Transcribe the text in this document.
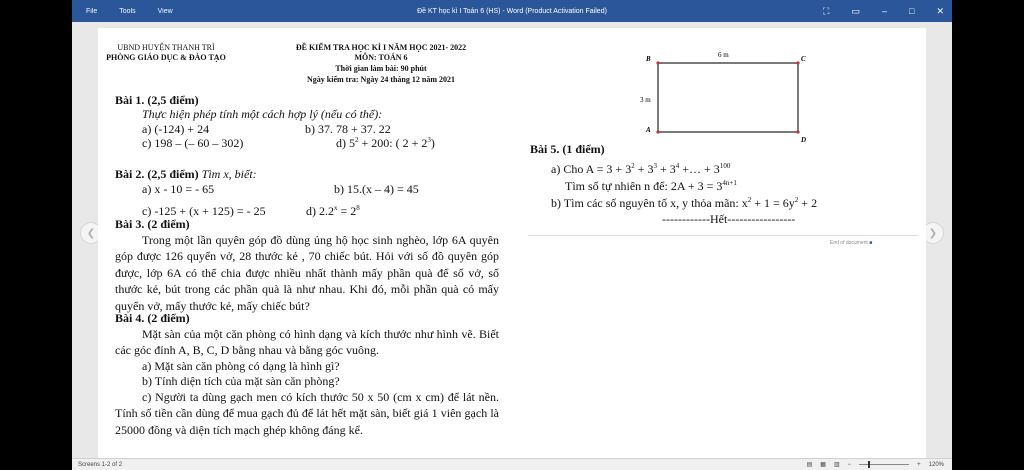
File	Tools	View	Đề KT học kì I Toán 6 (HS) - Word (Product Activation Failed)	⛶ ▭ – □ ✕
❮	❯
UBND HUYỆN THANH TRÌ
PHÒNG GIÁO DỤC & ĐÀO TẠO
ĐỀ KIỂM TRA HỌC KÌ I NĂM HỌC 2021- 2022
MÔN: TOÁN 6
Thời gian làm bài: 90 phút
Ngày kiểm tra: Ngày 24 tháng 12 năm 2021
Bài 1. (2,5 điểm)
Thực hiện phép tính một cách hợp lý (nếu có thể):
a) (-124) + 24	b) 37. 78 + 37. 22
c) 198 – (– 60 – 302)	d) $5^2 + 200$: ( $2 + 2^3$)
Bài 2. (2,5 điểm) Tìm x, biết:
a) x - 10 = - 65	b) 15.(x – 4) = 45
c) -125 + (x + 125) = - 25	d) $2.2^x = 2^8$
Bài 3. (2 điểm)
Trong một lần quyên góp đồ dùng ủng hộ học sinh nghèo, lớp 6A quyên góp được 126 quyển vở, 28 thước kẻ , 70 chiếc bút. Hỏi với số đồ quyên góp được, lớp 6A có thể chia được nhiều nhất thành mấy phần quà để số vở, số thước kẻ, bút trong các phần quà là như nhau. Khi đó, mỗi phần quà có mấy quyển vở, mấy thước kẻ, mấy chiếc bút?
Bài 4. (2 điểm)
Mặt sàn của một căn phòng có hình dạng và kích thước như hình vẽ. Biết các góc đỉnh A, B, C, D bằng nhau và bằng góc vuông.
a) Mặt sàn căn phòng có dạng là hình gì?
b) Tính diện tích của mặt sàn căn phòng?
c) Người ta dùng gạch men có kích thước 50 x 50 (cm x cm) để lát nền. Tính số tiền cần dùng để mua gạch đủ để lát hết mặt sàn, biết giá 1 viên gạch là 25000 đồng và diện tích mạch ghép không đáng kể.
B	C
A
D
6 m
3 m
Bài 5. (1 điểm)
a) Cho $A = 3 + 3^2 + 3^3 + 3^4$ +… + $3^{100}$
Tìm số tự nhiên n để: $2A + 3 = 3^{4n+1}$
b) Tìm các số nguyên tố x, y thỏa mãn: $x^2 + 1 = 6y^2 + 2$
------------Hết-----------------
End of document ■
Screens 1-2 of 2	▤ ▦ ▥ −	+ 120%
